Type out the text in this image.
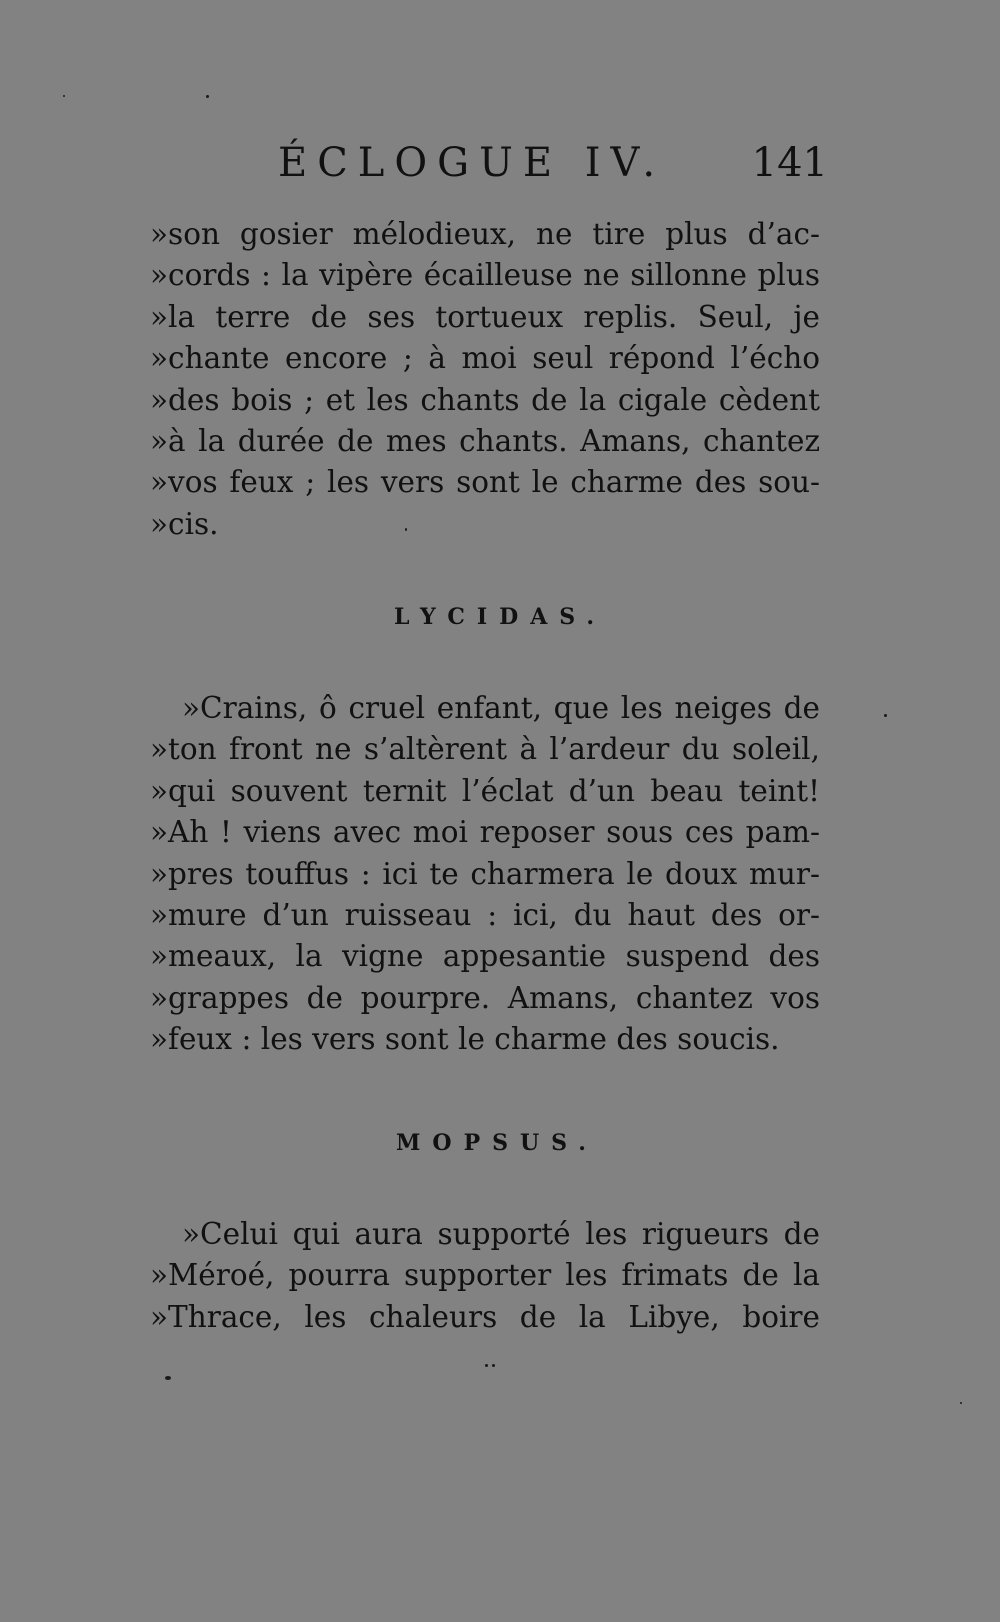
ÉCLOGUE IV. 141
»son gosier mélodieux, ne tire plus d’ac-
»cords : la vipère écailleuse ne sillonne plus
»la terre de ses tortueux replis. Seul, je
»chante encore ; à moi seul répond l’écho
»des bois ; et les chants de la cigale cèdent
»à la durée de mes chants. Amans, chantez
»vos feux ; les vers sont le charme des sou-
»cis.
LYCIDAS.
»Crains, ô cruel enfant, que les neiges de
»ton front ne s’altèrent à l’ardeur du soleil,
»qui souvent ternit l’éclat d’un beau teint!
»Ah ! viens avec moi reposer sous ces pam-
»pres touffus : ici te charmera le doux mur-
»mure d’un ruisseau : ici, du haut des or-
»meaux, la vigne appesantie suspend des
»grappes de pourpre. Amans, chantez vos
»feux : les vers sont le charme des soucis.
MOPSUS.
»Celui qui aura supporté les rigueurs de
»Méroé, pourra supporter les frimats de la
»Thrace, les chaleurs de la Libye, boire
